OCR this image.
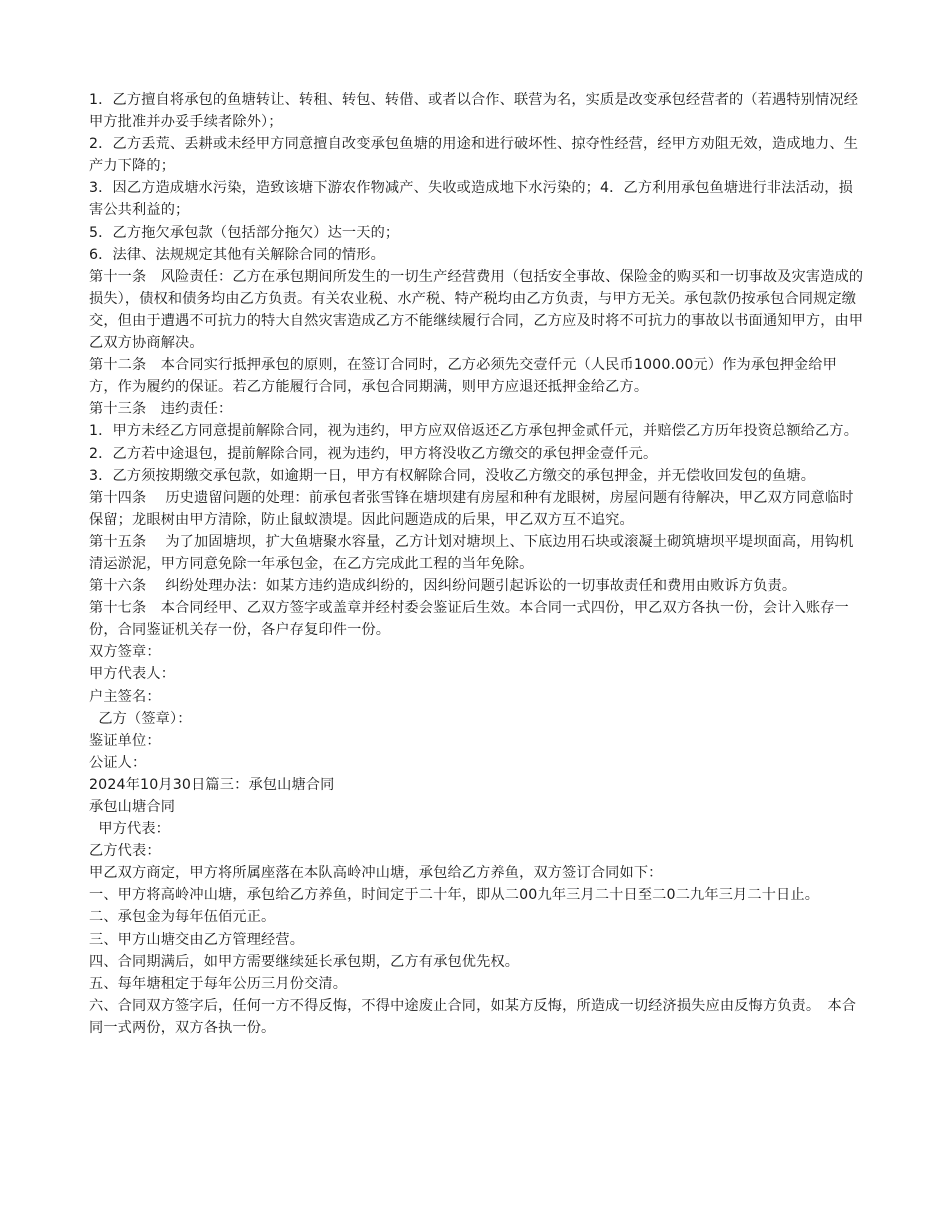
1．乙方擅自将承包的鱼塘转让、转租、转包、转借、或者以合作、联营为名，实质是改变承包经营者的（若遇特别情况经甲方批准并办妥手续者除外）；

2．乙方丢荒、丢耕或未经甲方同意擅自改变承包鱼塘的用途和进行破坏性、掠夺性经营，经甲方劝阻无效，造成地力、生产力下降的；

3．因乙方造成塘水污染，造致该塘下游农作物减产、失收或造成地下水污染的；4．乙方利用承包鱼塘进行非法活动，损害公共利益的；

5．乙方拖欠承包款（包括部分拖欠）达一天的；

6．法律、法规规定其他有关解除合同的情形。

第十一条　风险责任：乙方在承包期间所发生的一切生产经营费用（包括安全事故、保险金的购买和一切事故及灾害造成的损失），债权和债务均由乙方负责。有关农业税、水产税、特产税均由乙方负责，与甲方无关。承包款仍按承包合同规定缴交，但由于遭遇不可抗力的特大自然灾害造成乙方不能继续履行合同，乙方应及时将不可抗力的事故以书面通知甲方，由甲乙双方协商解决。

第十二条　本合同实行抵押承包的原则，在签订合同时，乙方必须先交壹仟元（人民币1000.00元）作为承包押金给甲方，作为履约的保证。若乙方能履行合同，承包合同期满，则甲方应退还抵押金给乙方。

第十三条　违约责任：

1．甲方未经乙方同意提前解除合同，视为违约，甲方应双倍返还乙方承包押金贰仟元，并赔偿乙方历年投资总额给乙方。

2．乙方若中途退包，提前解除合同，视为违约，甲方将没收乙方缴交的承包押金壹仟元。

3．乙方须按期缴交承包款，如逾期一日，甲方有权解除合同，没收乙方缴交的承包押金，并无偿收回发包的鱼塘。

第十四条　 历史遗留问题的处理：前承包者张雪锋在塘坝建有房屋和种有龙眼树，房屋问题有待解决，甲乙双方同意临时保留；龙眼树由甲方清除，防止鼠蚁溃堤。因此问题造成的后果，甲乙双方互不追究。

第十五条　 为了加固塘坝，扩大鱼塘聚水容量，乙方计划对塘坝上、下底边用石块或滚凝土砌筑塘坝平堤坝面高，用钩机清运淤泥，甲方同意免除一年承包金，在乙方完成此工程的当年免除。

第十六条　 纠纷处理办法：如某方违约造成纠纷的，因纠纷问题引起诉讼的一切事故责任和费用由败诉方负责。

第十七条　本合同经甲、乙双方签字或盖章并经村委会鉴证后生效。本合同一式四份，甲乙双方各执一份，会计入账存一份，合同鉴证机关存一份，各户存复印件一份。

双方签章：

甲方代表人：

户主签名：

乙方（签章）：

鉴证单位：

公证人：

2024年10月30日篇三：承包山塘合同

承包山塘合同

甲方代表：

乙方代表：

甲乙双方商定，甲方将所属座落在本队高岭冲山塘，承包给乙方养鱼，双方签订合同如下：

一、甲方将高岭冲山塘，承包给乙方养鱼，时间定于二十年，即从二00九年三月二十日至二0二九年三月二十日止。

二、承包金为每年伍佰元正。

三、甲方山塘交由乙方管理经营。

四、合同期满后，如甲方需要继续延长承包期，乙方有承包优先权。

五、每年塘租定于每年公历三月份交清。

六、合同双方签字后，任何一方不得反悔，不得中途废止合同，如某方反悔，所造成一切经济损失应由反悔方负责。　本合同一式两份，双方各执一份。
